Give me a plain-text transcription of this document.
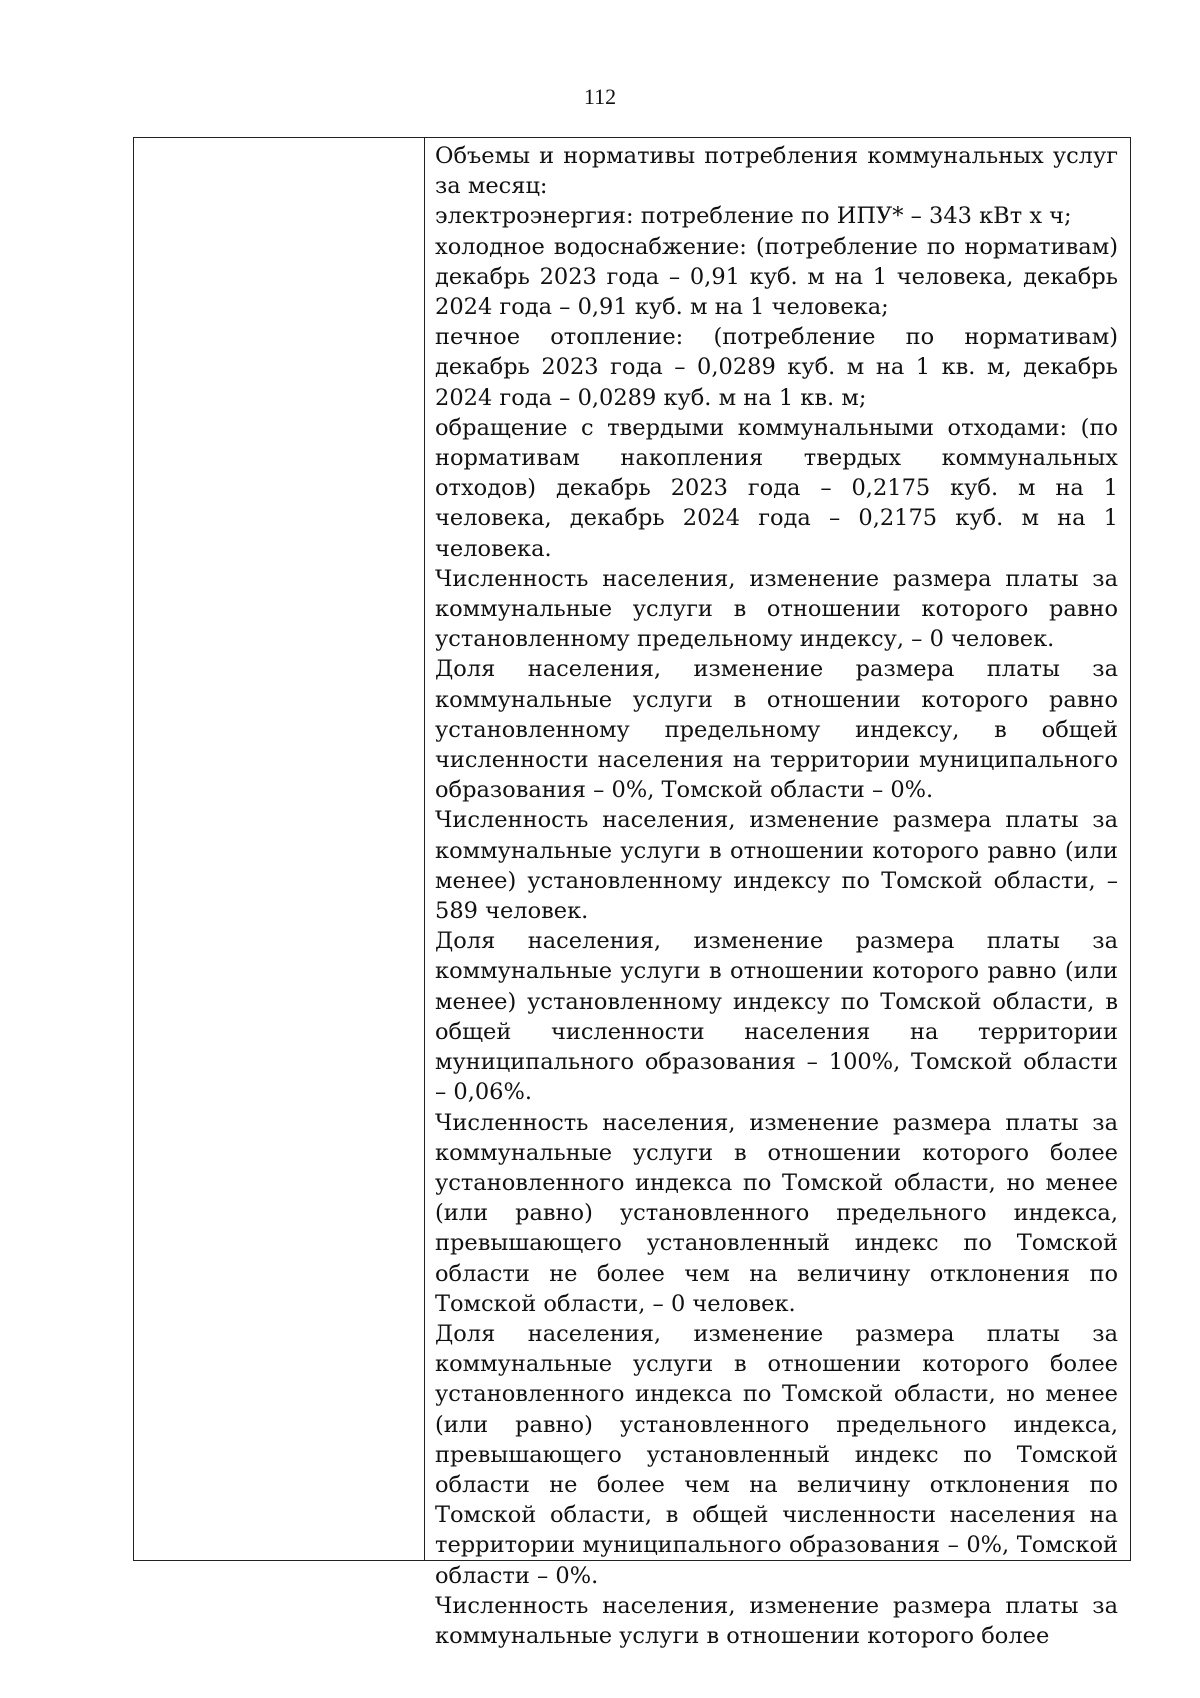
112

Объемы и нормативы потребления коммунальных услуг за месяц:

электроэнергия: потребление по ИПУ* – 343 кВт х ч;

холодное водоснабжение: (потребление по нормативам) декабрь 2023 года – 0,91 куб. м на 1 человека, декабрь 2024 года – 0,91 куб. м на 1 человека;

печное отопление: (потребление по нормативам) декабрь 2023 года – 0,0289 куб. м на 1 кв. м, декабрь 2024 года – 0,0289 куб. м на 1 кв. м;

обращение с твердыми коммунальными отходами: (по нормативам накопления твердых коммунальных отходов) декабрь 2023 года – 0,2175 куб. м на 1 человека, декабрь 2024 года – 0,2175 куб. м на 1 человека.

Численность населения, изменение размера платы за коммунальные услуги в отношении которого равно установленному предельному индексу, – 0 человек.

Доля населения, изменение размера платы за коммунальные услуги в отношении которого равно установленному предельному индексу, в общей численности населения на территории муниципального образования – 0%, Томской области – 0%.

Численность населения, изменение размера платы за коммунальные услуги в отношении которого равно (или менее) установленному индексу по Томской области, – 589 человек.

Доля населения, изменение размера платы за коммунальные услуги в отношении которого равно (или менее) установленному индексу по Томской области, в общей численности населения на территории муниципального образования – 100%, Томской области – 0,06%.

Численность населения, изменение размера платы за коммунальные услуги в отношении которого более установленного индекса по Томской области, но менее (или равно) установленного предельного индекса, превышающего установленный индекс по Томской области не более чем на величину отклонения по Томской области, – 0 человек.

Доля населения, изменение размера платы за коммунальные услуги в отношении которого более установленного индекса по Томской области, но менее (или равно) установленного предельного индекса, превышающего установленный индекс по Томской области не более чем на величину отклонения по Томской области, в общей численности населения на территории муниципального образования – 0%, Томской области – 0%.

Численность населения, изменение размера платы за коммунальные услуги в отношении которого более
